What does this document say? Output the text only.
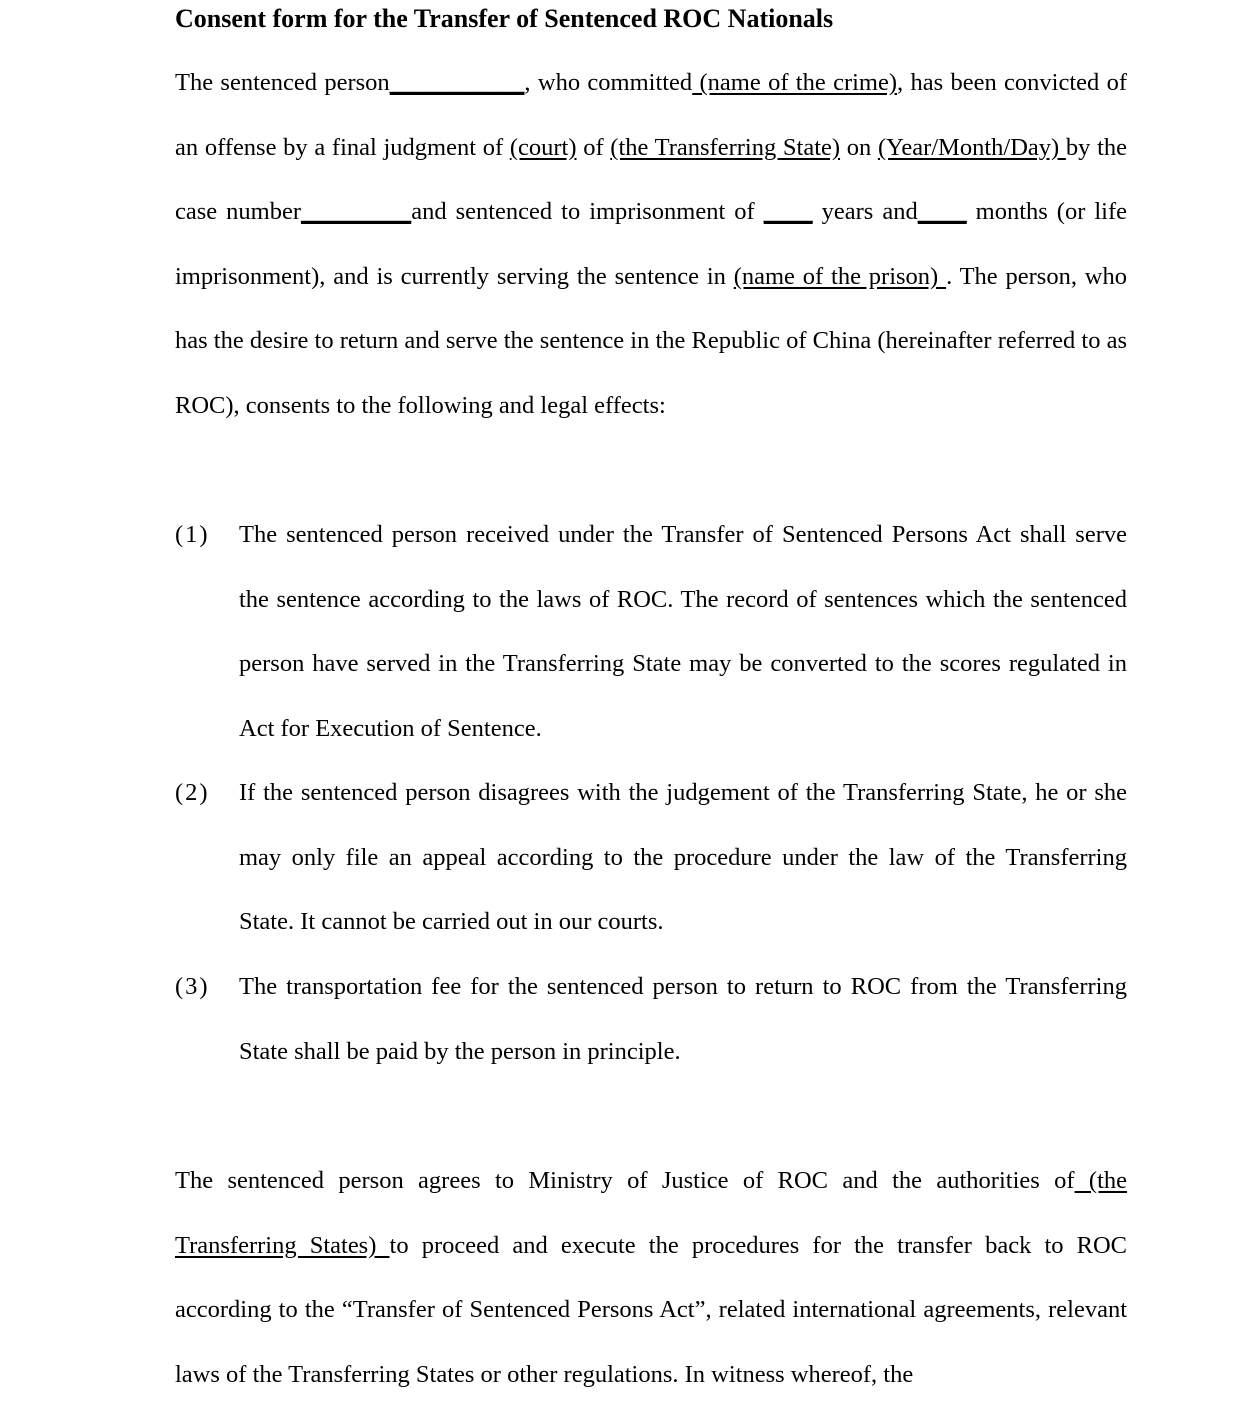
Consent form for the Transfer of Sentenced ROC Nationals

The sentenced person___________, who committed (name of the crime), has been convicted of an offense by a final judgment of (court) of (the Transferring State) on (Year/Month/Day) by the case number_________and sentenced to imprisonment of ____ years and____ months (or life imprisonment), and is currently serving the sentence in (name of the prison) . The person, who has the desire to return and serve the sentence in the Republic of China (hereinafter referred to as ROC), consents to the following and legal effects:

(1)	The sentenced person received under the Transfer of Sentenced Persons Act shall serve the sentence according to the laws of ROC. The record of sentences which the sentenced person have served in the Transferring State may be converted to the scores regulated in Act for Execution of Sentence.

(2)	If the sentenced person disagrees with the judgement of the Transferring State, he or she may only file an appeal according to the procedure under the law of the Transferring State. It cannot be carried out in our courts.

(3)	The transportation fee for the sentenced person to return to ROC from the Transferring State shall be paid by the person in principle.

The sentenced person agrees to Ministry of Justice of ROC and the authorities of (the Transferring States) to proceed and execute the procedures for the transfer back to ROC according to the “Transfer of Sentenced Persons Act”, related international agreements, relevant laws of the Transferring States or other regulations. In witness whereof, the
